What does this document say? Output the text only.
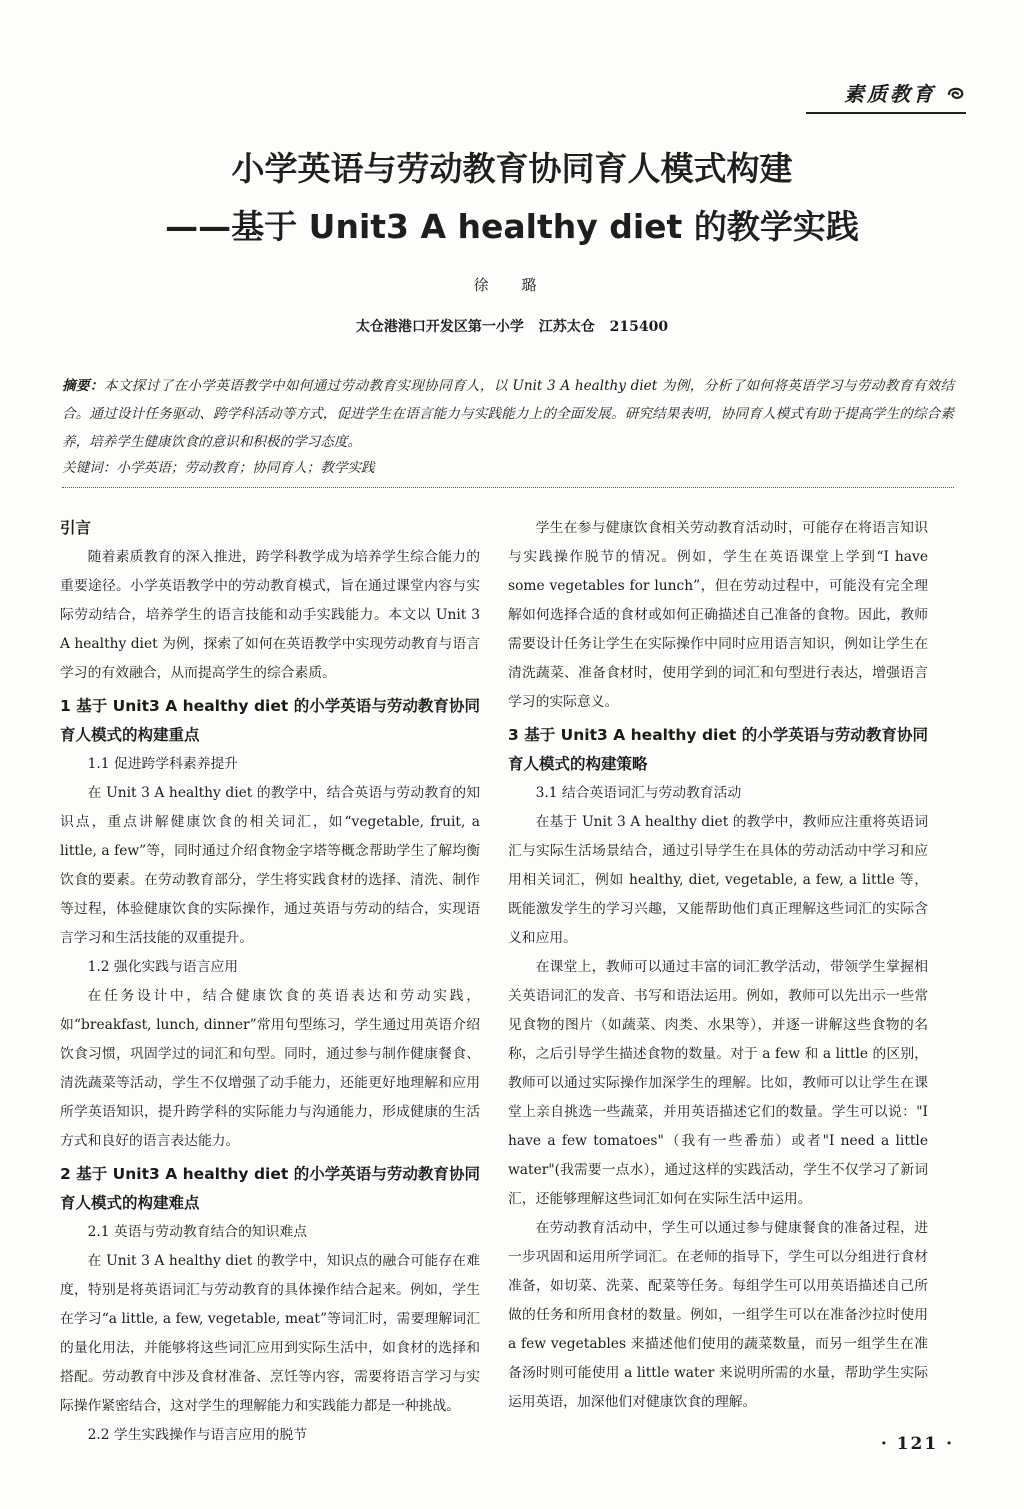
素质教育
小学英语与劳动教育协同育人模式构建
——基于 Unit3 A healthy diet 的教学实践
徐 璐
太仓港港口开发区第一小学 江苏太仓 215400

摘要：本文探讨了在小学英语教学中如何通过劳动教育实现协同育人，以 Unit 3 A healthy diet 为例，分析了如何将英语学习与劳动教育有效结合。通过设计任务驱动、跨学科活动等方式，促进学生在语言能力与实践能力上的全面发展。研究结果表明，协同育人模式有助于提高学生的综合素养，培养学生健康饮食的意识和积极的学习态度。

关键词：小学英语；劳动教育；协同育人；教学实践
引言

随着素质教育的深入推进，跨学科教学成为培养学生综合能力的重要途径。小学英语教学中的劳动教育模式，旨在通过课堂内容与实际劳动结合，培养学生的语言技能和动手实践能力。本文以 Unit 3 A healthy diet 为例，探索了如何在英语教学中实现劳动教育与语言学习的有效融合，从而提高学生的综合素质。

1 基于 Unit3 A healthy diet 的小学英语与劳动教育协同育人模式的构建重点
1.1 促进跨学科素养提升

在 Unit 3 A healthy diet 的教学中，结合英语与劳动教育的知识点，重点讲解健康饮食的相关词汇，如“vegetable, fruit, a little, a few”等，同时通过介绍食物金字塔等概念帮助学生了解均衡饮食的要素。在劳动教育部分，学生将实践食材的选择、清洗、制作等过程，体验健康饮食的实际操作，通过英语与劳动的结合，实现语言学习和生活技能的双重提升。

1.2 强化实践与语言应用

在任务设计中，结合健康饮食的英语表达和劳动实践，如“breakfast, lunch, dinner”常用句型练习，学生通过用英语介绍饮食习惯，巩固学过的词汇和句型。同时，通过参与制作健康餐食、清洗蔬菜等活动，学生不仅增强了动手能力，还能更好地理解和应用所学英语知识，提升跨学科的实际能力与沟通能力，形成健康的生活方式和良好的语言表达能力。

2 基于 Unit3 A healthy diet 的小学英语与劳动教育协同育人模式的构建难点
2.1 英语与劳动教育结合的知识难点

在 Unit 3 A healthy diet 的教学中，知识点的融合可能存在难度，特别是将英语词汇与劳动教育的具体操作结合起来。例如，学生在学习“a little, a few, vegetable, meat”等词汇时，需要理解词汇的量化用法，并能够将这些词汇应用到实际生活中，如食材的选择和搭配。劳动教育中涉及食材准备、烹饪等内容，需要将语言学习与实际操作紧密结合，这对学生的理解能力和实践能力都是一种挑战。

2.2 学生实践操作与语言应用的脱节

学生在参与健康饮食相关劳动教育活动时，可能存在将语言知识与实践操作脱节的情况。例如，学生在英语课堂上学到“I have some vegetables for lunch”，但在劳动过程中，可能没有完全理解如何选择合适的食材或如何正确描述自己准备的食物。因此，教师需要设计任务让学生在实际操作中同时应用语言知识，例如让学生在清洗蔬菜、准备食材时，使用学到的词汇和句型进行表达，增强语言学习的实际意义。

3 基于 Unit3 A healthy diet 的小学英语与劳动教育协同育人模式的构建策略
3.1 结合英语词汇与劳动教育活动

在基于 Unit 3 A healthy diet 的教学中，教师应注重将英语词汇与实际生活场景结合，通过引导学生在具体的劳动活动中学习和应用相关词汇，例如 healthy, diet, vegetable, a few, a little 等，既能激发学生的学习兴趣，又能帮助他们真正理解这些词汇的实际含义和应用。

在课堂上，教师可以通过丰富的词汇教学活动，带领学生掌握相关英语词汇的发音、书写和语法运用。例如，教师可以先出示一些常见食物的图片（如蔬菜、肉类、水果等），并逐一讲解这些食物的名称，之后引导学生描述食物的数量。对于 a few 和 a little 的区别，教师可以通过实际操作加深学生的理解。比如，教师可以让学生在课堂上亲自挑选一些蔬菜，并用英语描述它们的数量。学生可以说："I have a few tomatoes"（我有一些番茄）或者"I need a little water"(我需要一点水），通过这样的实践活动，学生不仅学习了新词汇，还能够理解这些词汇如何在实际生活中运用。

在劳动教育活动中，学生可以通过参与健康餐食的准备过程，进一步巩固和运用所学词汇。在老师的指导下，学生可以分组进行食材准备，如切菜、洗菜、配菜等任务。每组学生可以用英语描述自己所做的任务和所用食材的数量。例如，一组学生可以在准备沙拉时使用 a few vegetables 来描述他们使用的蔬菜数量，而另一组学生在准备汤时则可能使用 a little water 来说明所需的水量，帮助学生实际运用英语，加深他们对健康饮食的理解。

· 121 ·
